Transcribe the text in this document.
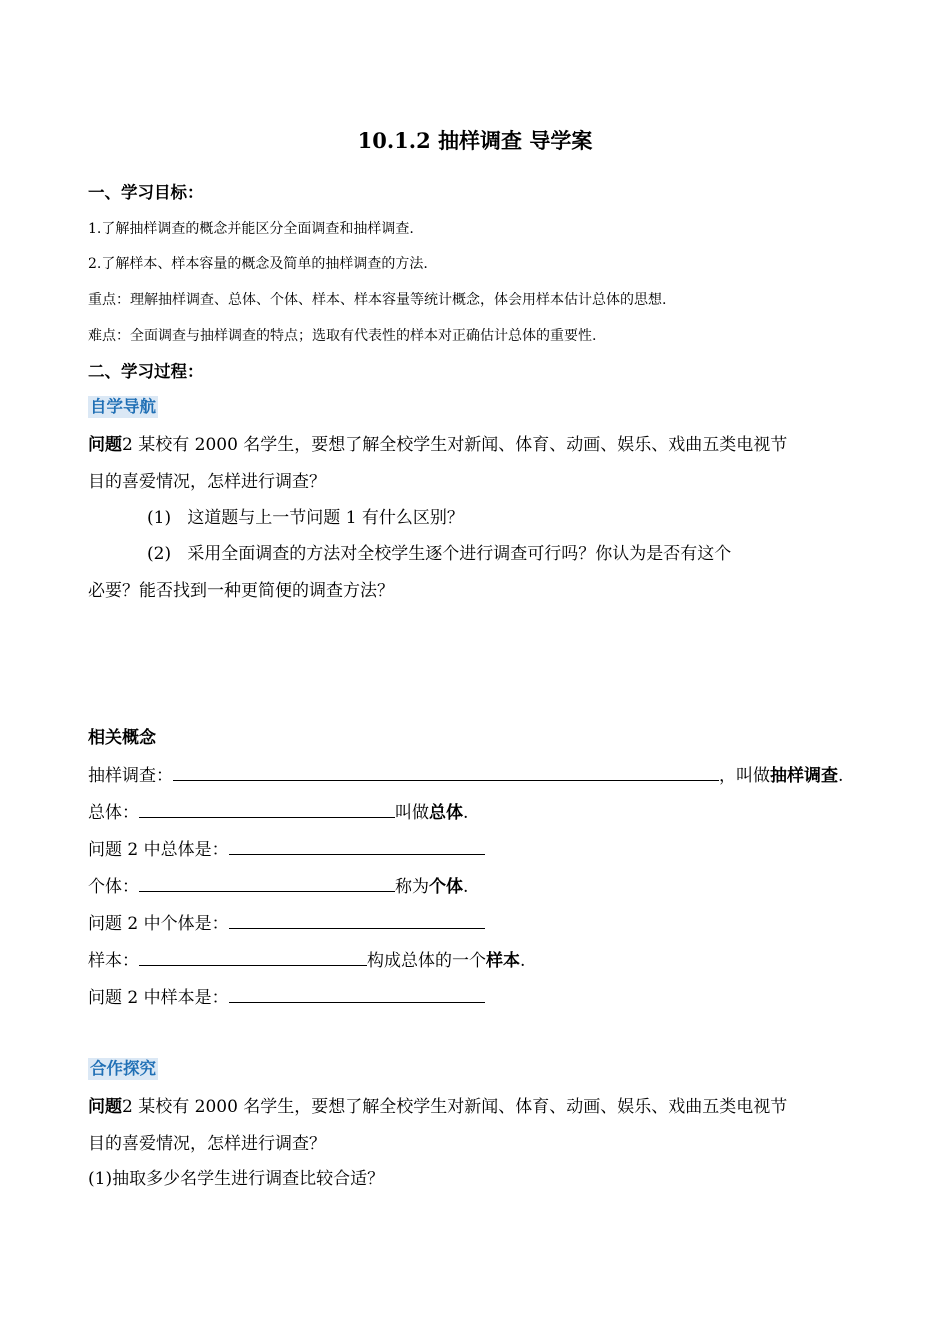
10.1.2 抽样调查 导学案
一、学习目标：
1.了解抽样调查的概念并能区分全面调查和抽样调查.
2.了解样本、样本容量的概念及简单的抽样调查的方法.
重点：理解抽样调查、总体、个体、样本、样本容量等统计概念，体会用样本估计总体的思想.
难点：全面调查与抽样调查的特点；选取有代表性的样本对正确估计总体的重要性.
二、学习过程：
自学导航
问题2 某校有 2000 名学生，要想了解全校学生对新闻、体育、动画、娱乐、戏曲五类电视节
目的喜爱情况，怎样进行调查？
(1) 这道题与上一节问题 1 有什么区别？
(2) 采用全面调查的方法对全校学生逐个进行调查可行吗？你认为是否有这个
必要？能否找到一种更简便的调查方法？
相关概念
抽样调查：	，叫做抽样调查.
总体：	叫做总体.
问题 2 中总体是：
个体：	称为个体.
问题 2 中个体是：
样本：	构成总体的一个样本.
问题 2 中样本是：
合作探究
问题2 某校有 2000 名学生，要想了解全校学生对新闻、体育、动画、娱乐、戏曲五类电视节
目的喜爱情况，怎样进行调查？
(1)抽取多少名学生进行调查比较合适？
